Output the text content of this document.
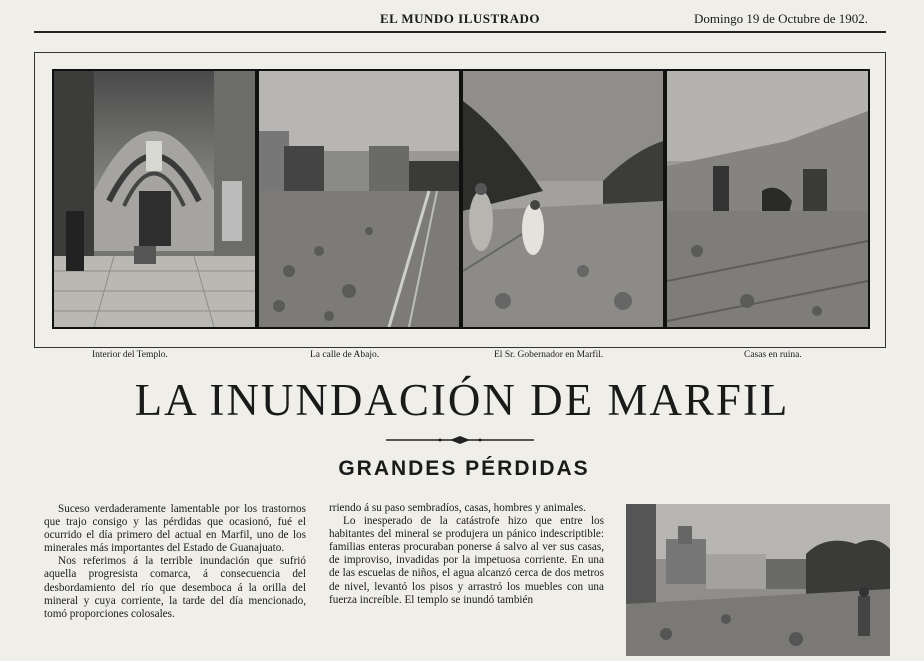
EL MUNDO ILUSTRADO	Domingo 19 de Octubre de 1902.
Interior del Templo.	La calle de Abajo.	El Sr. Gobernador en Marfil.	Casas en ruina.
LA INUNDACIÓN DE MARFIL
GRANDES PÉRDIDAS

Suceso verdaderamente lamentable por los trastornos que trajo consigo y las pérdidas que ocasionó, fué el ocurrido el día primero del actual en Marfil, uno de los minerales más importantes del Estado de Guanajuato.

Nos referimos á la terrible inundación que sufrió aquella progresista comarca, á consecuencia del desbordamiento del río que desemboca á la orilla del mineral y cuya corriente, la tarde del día mencionado, tomó proporciones colosales.

rriendo á su paso sembradíos, casas, hombres y animales.

Lo inesperado de la catástrofe hizo que entre los habitantes del mineral se produjera un pánico indescriptible: familias enteras procuraban ponerse á salvo al ver sus casas, de improviso, invadidas por la impetuosa corriente. En una de las escuelas de niños, el agua alcanzó cerca de dos metros de nivel, levantó los pisos y arrastró los muebles con una fuerza increíble. El templo se inundó también
